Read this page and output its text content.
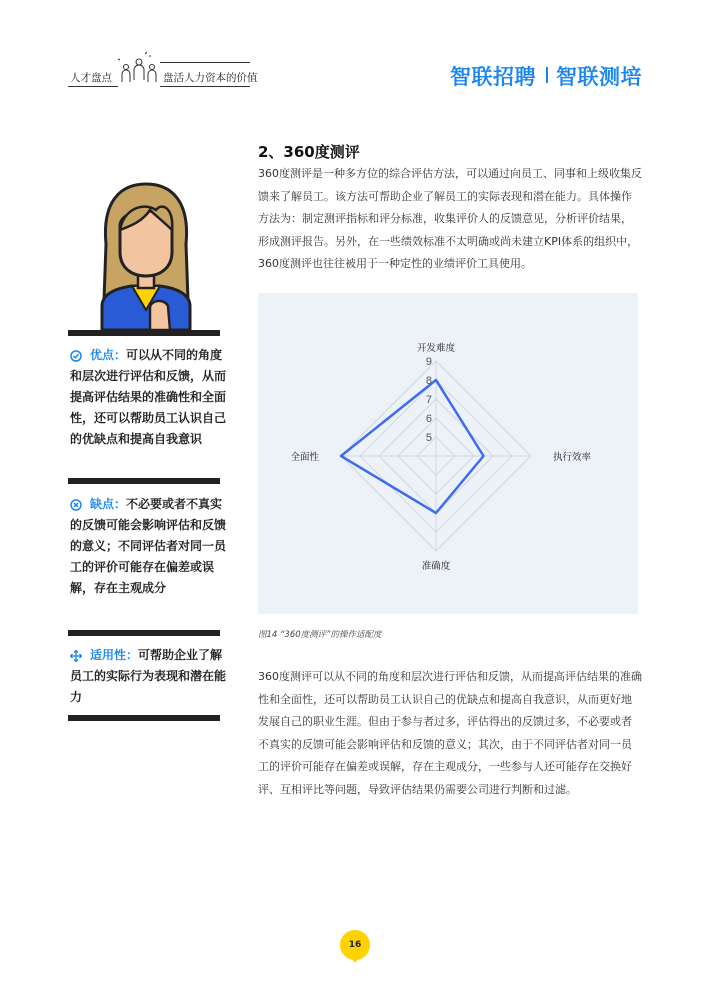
人才盘点	盘活人力资本的价值	智联招聘 智联测培
优点：可以从不同的角度和层次进行评估和反馈，从而提高评估结果的准确性和全面性，还可以帮助员工认识自己的优缺点和提高自我意识
缺点：不必要或者不真实的反馈可能会影响评估和反馈的意义；不同评估者对同一员工的评价可能存在偏差或误解，存在主观成分
适用性：可帮助企业了解员工的实际行为表现和潜在能力
2、360度测评
360度测评是一种多方位的综合评估方法，可以通过向员工、同事和上级收集反馈来了解员工。该方法可帮助企业了解员工的实际表现和潜在能力。具体操作方法为：制定测评指标和评分标准，收集评价人的反馈意见，分析评价结果，形成测评报告。另外，在一些绩效标准不太明确或尚未建立KPI体系的组织中，360度测评也往往被用于一种定性的业绩评价工具使用。
5
6
7
8
9
开发难度
执行效率
准确度
全面性
图14 “360度测评”的操作适配度
360度测评可以从不同的角度和层次进行评估和反馈，从而提高评估结果的准确性和全面性，还可以帮助员工认识自己的优缺点和提高自我意识，从而更好地发展自己的职业生涯。但由于参与者过多，评估得出的反馈过多，不必要或者不真实的反馈可能会影响评估和反馈的意义；其次，由于不同评估者对同一员工的评价可能存在偏差或误解，存在主观成分，一些参与人还可能存在交换好评、互相评比等问题，导致评估结果仍需要公司进行判断和过滤。
16
